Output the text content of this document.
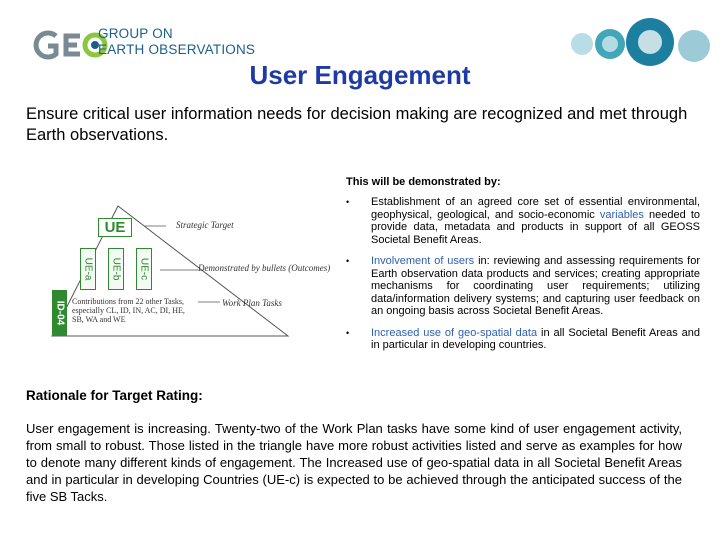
GROUP ON
EARTH OBSERVATIONS
User Engagement
Ensure critical user information needs for decision making are recognized and met through Earth observations.
UE	Strategic Target
UE-a UE-b UE-c	Demonstrated by bullets (Outcomes)
ID-04	Work Plan Tasks
Contributions from 22 other Tasks, especially CL, ID, IN, AC, DI, HE, SB, WA and WE
This will be demonstrated by:
• Establishment of an agreed core set of essential environmental, geophysical, geological, and socio-economic variables needed to provide data, metadata and products in support of all GEOSS Societal Benefit Areas.
• Involvement of users in: reviewing and assessing requirements for Earth observation data products and services; creating appropriate mechanisms for coordinating user requirements; utilizing data/information delivery systems; and capturing user feedback on an ongoing basis across Societal Benefit Areas.
• Increased use of geo-spatial data in all Societal Benefit Areas and in particular in developing countries.
Rationale for Target Rating:
User engagement is increasing. Twenty-two of the Work Plan tasks have some kind of user engagement activity, from small to robust. Those listed in the triangle have more robust activities listed and serve as examples for how to denote many different kinds of engagement. The Increased use of geo-spatial data in all Societal Benefit Areas and in particular in developing Countries (UE-c) is expected to be achieved through the anticipated success of the five SB Tacks.
